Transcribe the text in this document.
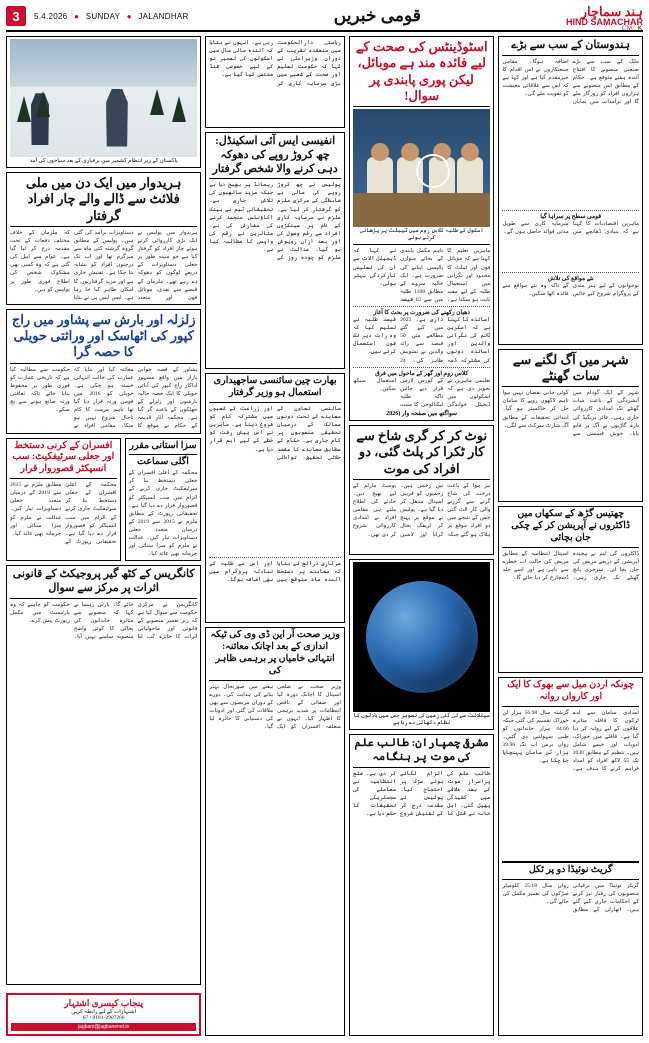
3	5.4.2026 ● SUNDAY ● JALANDHAR	قومی خبریں	ہند سماچار
HIND SAMACHAR
CMYK
پاکستان کے زیر انتظام کشمیر میں برفباری کے بعد سیاحوں کی آمد
ہریدوار میں ایک دن میں ملی فلائٹ سے ڈالے والے چار افراد گرفتار
ہریدوار میں پولیس نے ایک بڑی کارروائی کرتے ہوئے چار افراد کو گرفتار کیا ہے جو مبینہ طور پر جعلی دستاویزات کے ذریعے لوگوں کو دھوکہ دے رہے تھے۔ ملزمان کے قبضے سے نقدی، موبائل فون اور متعدد دستاویزات برآمد کی گئی ہیں۔ پولیس کے مطابق گروہ گزشتہ کئی ماہ سے سرگرم تھا اور اب تک درجنوں افراد کو نشانہ بنا چکا ہے۔ تفتیش جاری ہے اور مزید گرفتاریوں کا امکان ظاہر کیا جا رہا ہے۔ ایس ایس پی نے بتایا کہ ملزمان کے خلاف مختلف دفعات کے تحت مقدمہ درج کر لیا گیا ہے۔ عوام سے اپیل کی گئی ہے کہ وہ کسی بھی مشکوک شخص کی اطلاع فوری طور پر پولیس کو دیں۔
زلزلہ اور بارش سے پشاور میں راج کپور کی اٹھاسک اور وراثتی حویلی کا حصہ گرا
پشاور کے قصہ خوانی بازار میں واقع مشہور اداکار راج کپور کی آبائی حویلی کا ایک حصہ حالیہ بارشوں اور زلزلے کے جھٹکوں کے باعث گر گیا ہے۔ محکمہ آثار قدیمہ کے حکام نے موقع کا معائنہ کیا اور بتایا کہ عمارت کی حالت انتہائی خستہ ہو چکی ہے۔ حویلی کو 2016 میں قومی ورثہ قرار دیا گیا تھا تاہم مرمت کا کام تاحال شروع نہیں ہو سکا۔ مقامی افراد نے حکومت سے مطالبہ کیا ہے کہ تاریخی عمارت کو فوری طور پر محفوظ بنایا جائے تاکہ ثقافتی ورثہ ضائع ہونے سے بچ سکے۔
افسران کے کرنی دستخط اور جعلی سرٹیفکیٹ: سب انسپکٹر قصوروار قرار
محکمہ کے اعلیٰ افسران کے جعلی دستخط بنا کر سرٹیفکیٹ جاری کرنے کے الزام میں سب انسپکٹر کو قصوروار قرار دے دیا گیا ہے۔ تحقیقاتی رپورٹ کے مطابق ملزم نے 2015 سے 2019 کے درمیان متعدد جعلی دستاویزات تیار کیں۔ عدالت نے ملزم کو سزا سنائی اور جرمانہ بھی عائد کیا۔
سزا استانی مقرر
اگلی سماعت
محکمہ کے اعلیٰ افسران کے جعلی دستخط بنا کر سرٹیفکیٹ جاری کرنے کے الزام میں سب انسپکٹر کو قصوروار قرار دے دیا گیا ہے۔ تحقیقاتی رپورٹ کے مطابق ملزم نے 2015 سے 2019 کے درمیان متعدد جعلی دستاویزات تیار کیں۔ عدالت نے ملزم کو سزا سنائی اور جرمانہ بھی عائد کیا۔
کانگریس کے کٹھ گیر پروجیکٹ کے قانونی اثرات پر مرکز سے سوال
کانگریس نے مرکزی حکومت سے سوال کیا ہے کہ زیر تعمیر منصوبے کے قانونی اور ماحولیاتی اثرات کا جائزہ کب لیا جائے گا۔ پارٹی رہنما نے کہا کہ منصوبے سے متاثرہ خاندانوں کی بحالی کا کوئی واضح منصوبہ سامنے نہیں آیا۔ حکومت کو چاہیے کہ وہ پارلیمنٹ میں مکمل رپورٹ پیش کرے۔
پنجاب کیسری اشتہار
اشتہارات کے لیے رابطہ کریں
0181-2907266 / 67
jagbani@jagbanenet.in
ریاستی دارالحکومت میں منعقدہ تقریب کے دوران وزیراعلیٰ نے کہا کہ حکومت تعلیم اور صحت کے شعبے میں بڑی سرمایہ کاری کر رہی ہے۔ انہوں نے بتایا کہ آئندہ مالی سال میں اسکولوں کی تعمیر نو کے لیے خصوصی فنڈ مختص کیا گیا ہے۔
انفیسی ایس آئی اسکینڈل: چھ کروڑ روپے کی دھوکہ دہی کرنے والا شخص گرفتار
پولیس نے چھ کروڑ روپے کی مالی بے ضابطگی کے مرکزی ملزم کو گرفتار کر لیا ہے۔ ملزم نے سرمایہ کاری کے نام پر سینکڑوں افراد سے رقم وصول کی اور بعد ازاں روپوش ہو گیا۔ عدالت نے ملزم کو چودہ روز کے ریمانڈ پر بھیج دیا ہے جبکہ مزید ساتھیوں کی تلاش جاری ہے۔ تحقیقاتی ٹیم نے بینک اکاؤنٹس منجمد کرنے کی سفارش کی ہے۔ متاثرین نے رقم کی واپسی کا مطالبہ کیا ہے۔
بھارت چین سائنسی ساجھیداری استعمال ہو وزیر گرفتار
سائنسی تعاون کے معاہدے کے تحت دونوں ممالک کے درمیان تحقیقی منصوبوں پر کام جاری ہے۔ حکام کے مطابق معاہدے کا مقصد خلائی تحقیق، توانائی اور زراعت کے شعبوں میں مشترکہ کام کو فروغ دینا ہے۔ ماہرین نے اس پیش رفت کو خطے کے لیے اہم قرار دیا ہے۔
سرکاری ذرائع نے بتایا کہ معاہدے پر دستخط آئندہ ماہ متوقع ہیں اور اس سے طلبہ کے تبادلہ پروگرام میں بھی اضافہ ہوگا۔
وزیر صحت آر این ڈی وی کی ٹیکہ اندازی کے بعد اچانک معائنہ: انتہائی خامیاں پر برہمی ظاہر کی
وزیر صحت نے ضلعی اسپتال کا اچانک دورہ کیا اور صفائی کے ناقص انتظامات پر شدید برہمی کا اظہار کیا۔ انہوں نے متعلقہ افسران کو ایک ہفتے میں صورتحال بہتر بنانے کی ہدایت کی۔ دورے کے دوران مریضوں سے بھی ملاقات کی گئی اور ادویات کی دستیابی کا جائزہ لیا گیا۔
اسٹوڈینٹس کی صحت کے لیے فائدہ مند ہے موبائل، لیکن پوری پابندی پر سوال!
اسکول کے طلبہ کلاس روم میں ٹیبلٹ پر پڑھائی کرتے ہوئے
ماہرین تعلیم کا کہنا ہے کہ موبائل فون اور ٹیبلٹ کا محدود اور نگرانی میں استعمال طلبہ کے لیے مفید ثابت ہو سکتا ہے۔ تاہم مکمل پابندی کے بجائے متوازن پالیسی اپنانے کی ضرورت ہے۔ ایک حالیہ سروے کے مطابق 1108 طلبہ میں سے 62 فیصد نے کہا کہ ڈیجیٹل آلات سے ان کی تعلیمی کارکردگی بہتر ہوئی۔
دھیان رکھنے کی ضرورت پر بحث کا آغاز
اساتذہ کا کہنا ہے کہ اسکرین ٹائم کی نگرانی والدین اور اساتذہ دونوں کی مشترکہ ذمہ داری ہے۔ 2023 میں کیے گئے مطالعے میں 50 فیصد سے زائد والدین نے تشویش ظاہر کی۔ 24 فیصد طلبہ نے تسلیم کیا کہ وہ رات دیر تک فون استعمال کرتے ہیں۔
کلاس روم اور گھر کے ماحول میں فرق
تعلیمی ماہرین نے تجویز دی ہے کہ اسکولوں میں ڈیجیٹل خواندگی کے کورس لازمی قرار دیے جائیں تاکہ طلبہ ٹیکنالوجی کا مثبت استعمال سیکھ سکیں۔
سواگتھ میں صفحہ وار (2026
نوٹ کر کر گری شاخ سے کار ٹکرا کر پلٹ گئی، دو افراد کی موت
تیز ہوا کے باعث درخت کی شاخ گرنے سے گزرنے والی کار الٹ گئی جس کے نتیجے میں دو افراد موقع پر ہلاک ہو گئے جبکہ تین زخمی ہیں۔ زخمیوں کو قریبی اسپتال منتقل کر دیا گیا ہے۔ پولیس نے موقع پر پہنچ کر ٹریفک بحال کرایا اور لاشیں پوسٹ مارٹم کے لیے بھیج دیں۔ حادثے کی اطلاع ملتے ہی مقامی افراد نے امدادی کارروائی شروع کر دی تھی۔
سیٹلائٹ سے لی گئی زمین کی تصویر جس میں بادلوں کا نظام دکھائی دے رہا ہے
مشرقی چمپاران: طالب علم کی موت پر ہنگامہ
طالب علم کی پراسرار موت کے بعد علاقے میں کشیدگی پھیل گئی۔ اہل خانہ نے قتل کا الزام لگاتے ہوئے سڑک پر احتجاج کیا۔ پولیس نے مقدمہ درج کر کے تفتیش شروع کر دی ہے۔ ضلع انتظامیہ نے معاملے کی مجسٹریٹی تحقیقات کا حکم دیا ہے۔
ہندوستان کے سب سے بڑے
ملک کے سب سے بڑے صنعتی منصوبے کا افتتاح آئندہ ہفتے متوقع ہے۔ حکام کے مطابق اس منصوبے سے ہزاروں افراد کو روزگار ملے گا اور برآمدات میں نمایاں اضافہ ہوگا۔ مقامی صنعتکاروں نے اس اقدام کا خیرمقدم کیا ہے اور کہا ہے کہ اس سے علاقائی معیشت کو تقویت ملے گی۔
قومی سطح پر سراہا گیا
ماہرین اقتصادیات کا کہنا ہے کہ بنیادی ڈھانچے میں سرمایہ کاری سے طویل مدتی فوائد حاصل ہوں گے۔
نئے مواقع کی تلاش
نوجوانوں کے لیے ہنر مندی کے پروگرام شروع کیے جائیں گے تاکہ وہ نئے مواقع سے فائدہ اٹھا سکیں۔
شہر میں آگ لگنے سے سات گھنٹے
شہر کے ایک گودام میں آتشزدگی کے باعث سات گھنٹے تک امدادی کارروائی جاری رہی۔ فائر بریگیڈ کی بارہ گاڑیوں نے آگ پر قابو پایا۔ خوش قسمتی سے کوئی جانی نقصان نہیں ہوا تاہم لاکھوں روپے کا سامان جل کر خاکستر ہو گیا۔ ابتدائی تحقیقات کے مطابق آگ شارٹ سرکٹ سے لگی۔
چھتیس گڑھ کے سکھاں میں ڈاکٹروں نے آپریشن کر کے چکی جان بچائی
ڈاکٹروں کی ٹیم نے پیچیدہ آپریشن کے ذریعے مریض کی جان بچا لی۔ سرجری پانچ گھنٹے تک جاری رہی۔ اسپتال انتظامیہ کے مطابق مریض کی حالت اب خطرے سے باہر ہے اور اسے جلد ڈسچارج کر دیا جائے گا۔
چونکہ اردن میل سے بھوک کا ایک اور کارواں روانہ
امدادی سامان سے لدے ٹرکوں کا قافلہ متاثرہ علاقوں کے لیے روانہ کر دیا گیا ہے۔ قافلے میں خوراک، ادویات اور خیمے شامل ہیں۔ تنظیم کے مطابق 2030 تک 55 لاکھ افراد کو امداد فراہم کرنے کا ہدف ہے۔ گزشتہ سال 56.98 ہزار ٹن خوراک تقسیم کی گئی جبکہ 44.66 ہزار خاندانوں کو طبی سہولتیں دی گئیں۔ رواں برس اب تک 39.96 ہزار ٹن سامان پہنچایا جا چکا ہے۔
گریٹ نوئیڈا دو پر ٹکل
گریٹر نوئیڈا میں ترقیاتی منصوبوں کی رفتار تیز کرنے کے احکامات جاری کیے گئے ہیں۔ اتھارٹی کے مطابق رواں سال 25.18 کلومیٹر سڑکوں کی تعمیر مکمل کی جائے گی۔
